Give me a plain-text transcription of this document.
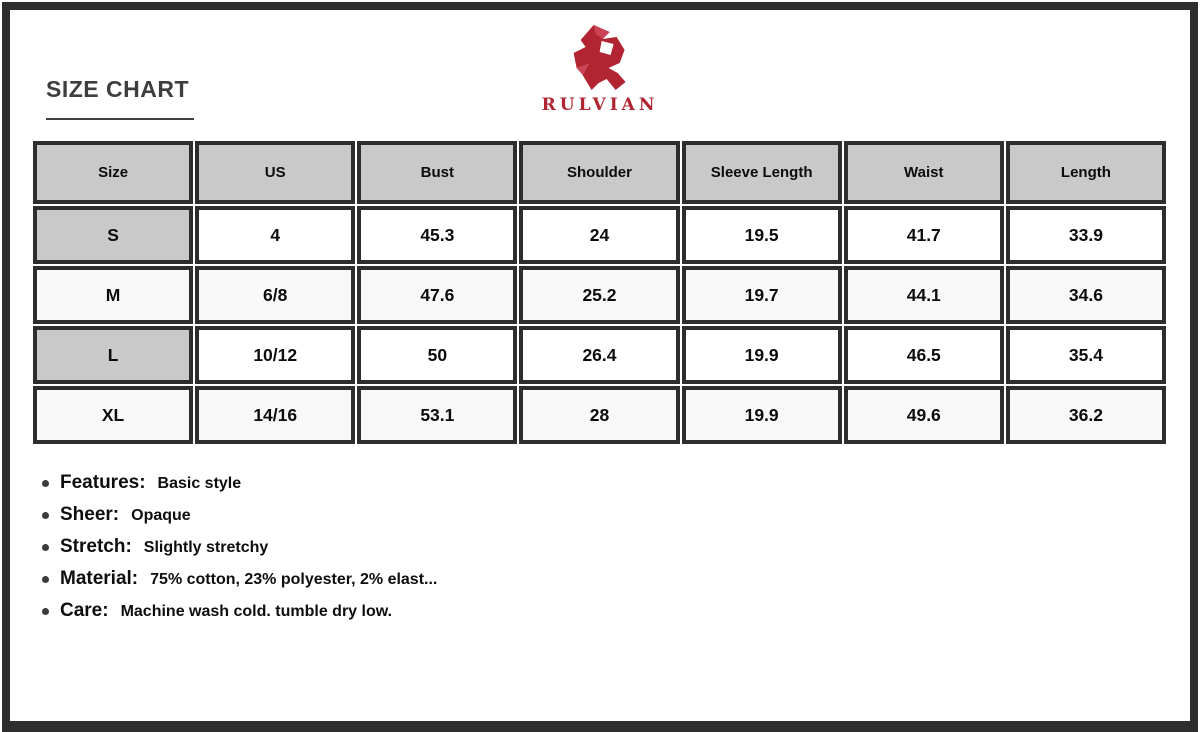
SIZE CHART
RULVIAN
Size	US	Bust	Shoulder	Sleeve Length	Waist	Length
S	4	45.3	24	19.5	41.7	33.9
M	6/8	47.6	25.2	19.7	44.1	34.6
L	10/12	50	26.4	19.9	46.5	35.4
XL	14/16	53.1	28	19.9	49.6	36.2
Features: Basic style
Sheer: Opaque
Stretch: Slightly stretchy
Material: 75% cotton, 23% polyester, 2% elast...
Care: Machine wash cold. tumble dry low.
